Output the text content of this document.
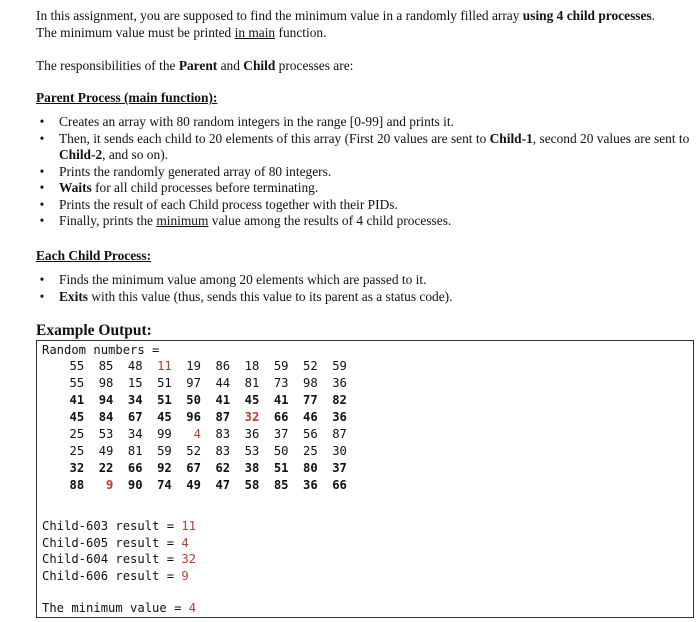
In this assignment, you are supposed to find the minimum value in a randomly filled array using 4 child processes.

The minimum value must be printed in main function.

The responsibilities of the Parent and Child processes are:
Parent Process (main function):
• Creates an array with 80 random integers in the range [0-99] and prints it.
• Then, it sends each child to 20 elements of this array (First 20 values are sent to Child-1, second 20 values are sent to Child-2, and so on).
• Prints the randomly generated array of 80 integers.
• Waits for all child processes before terminating.
• Prints the result of each Child process together with their PIDs.
• Finally, prints the minimum value among the results of 4 child processes.
Each Child Process:
• Finds the minimum value among 20 elements which are passed to it.
• Exits with this value (thus, sends this value to its parent as a status code).
Example Output:
Random numbers =
55	85	48	11	19	86	18	59	52	59
55	98	15	51	97	44	81	73	98	36
41	94	34	51	50	41	45	41	77	82
45	84	67	45	96	87	32	66	46	36
25	53	34	99	4	83	36	37	56	87
25	49	81	59	52	83	53	50	25	30
32	22	66	92	67	62	38	51	80	37
88	9	90	74	49	47	58	85	36	66
Child-603 result = 11
Child-605 result = 4
Child-604 result = 32
Child-606 result = 9
The minimum value = 4
